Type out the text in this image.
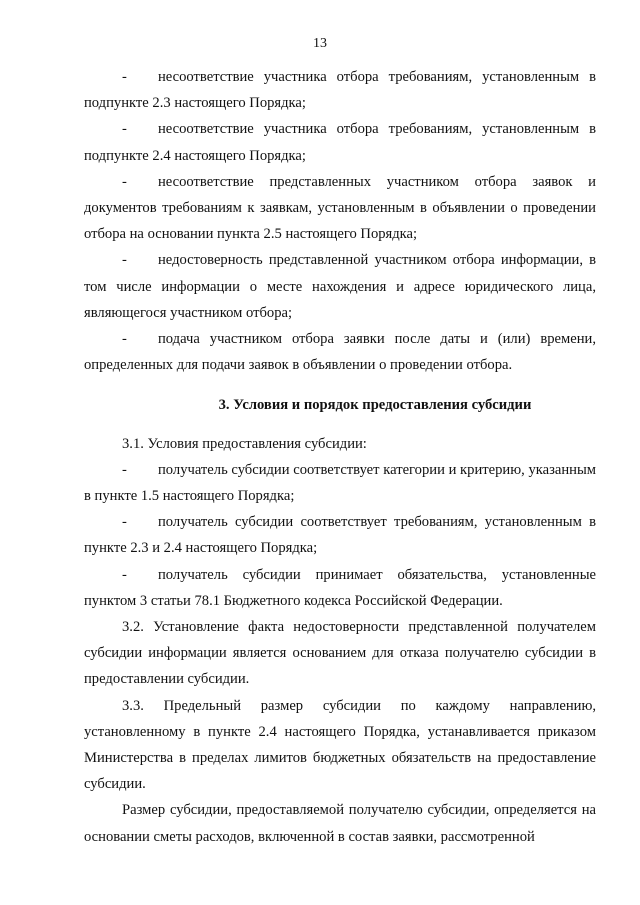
13

- несоответствие участника отбора требованиям, установленным в подпункте 2.3 настоящего Порядка;

- несоответствие участника отбора требованиям, установленным в подпункте 2.4 настоящего Порядка;

- несоответствие представленных участником отбора заявок и документов требованиям к заявкам, установленным в объявлении о проведении отбора на основании пункта 2.5 настоящего Порядка;

- недостоверность представленной участником отбора информации, в том числе информации о месте нахождения и адресе юридического лица, являющегося участником отбора;

- подача участником отбора заявки после даты и (или) времени, определенных для подачи заявок в объявлении о проведении отбора.

3. Условия и порядок предоставления субсидии

3.1. Условия предоставления субсидии:

- получатель субсидии соответствует категории и критерию, указанным в пункте 1.5 настоящего Порядка;

- получатель субсидии соответствует требованиям, установленным в пункте 2.3 и 2.4 настоящего Порядка;

- получатель субсидии принимает обязательства, установленные пунктом 3 статьи 78.1 Бюджетного кодекса Российской Федерации.

3.2. Установление факта недостоверности представленной получателем субсидии информации является основанием для отказа получателю субсидии в предоставлении субсидии.

3.3. Предельный размер субсидии по каждому направлению, установленному в пункте 2.4 настоящего Порядка, устанавливается приказом Министерства в пределах лимитов бюджетных обязательств на предоставление субсидии.

Размер субсидии, предоставляемой получателю субсидии, определяется на основании сметы расходов, включенной в состав заявки, рассмотренной
